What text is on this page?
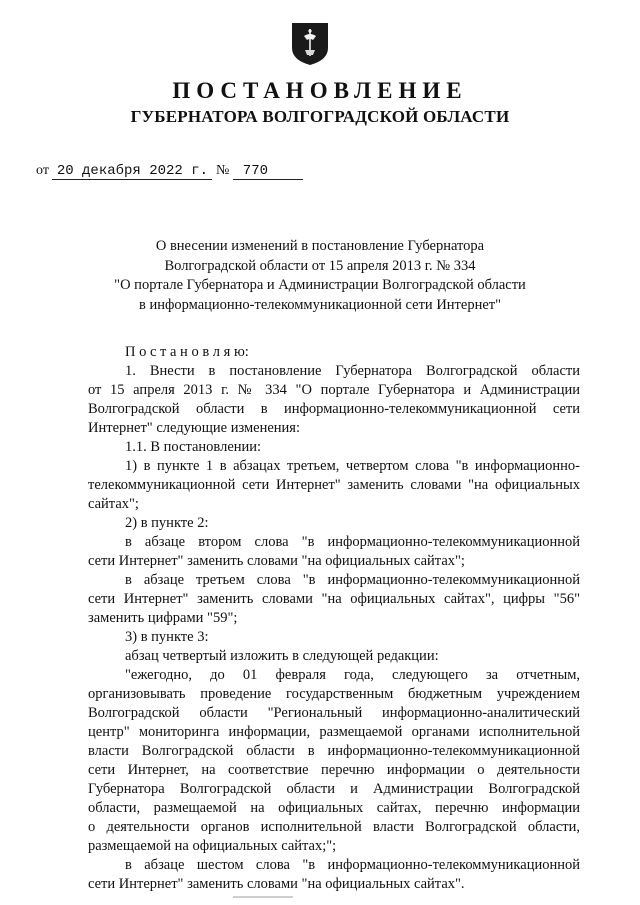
ПОСТАНОВЛЕНИЕ
ГУБЕРНАТОРА ВОЛГОГРАДСКОЙ ОБЛАСТИ
от 20 декабря 2022 г. № 770
О внесении изменений в постановление Губернатора
Волгоградской области от 15 апреля 2013 г. № 334
"О портале Губернатора и Администрации Волгоградской области
в информационно-телекоммуникационной сети Интернет"
П о с т а н о в л я ю:
1. Внести в постановление Губернатора Волгоградской области
от 15 апреля 2013 г. № 334 "О портале Губернатора и Администрации
Волгоградской области в информационно-телекоммуникационной сети
Интернет" следующие изменения:
1.1. В постановлении:
1) в пункте 1 в абзацах третьем, четвертом слова "в информационно-
телекоммуникационной сети Интернет" заменить словами "на официальных
сайтах";
2) в пункте 2:
в абзаце втором слова "в информационно-телекоммуникационной
сети Интернет" заменить словами "на официальных сайтах";
в абзаце третьем слова "в информационно-телекоммуникационной
сети Интернет" заменить словами "на официальных сайтах", цифры "56"
заменить цифрами "59";
3) в пункте 3:
абзац четвертый изложить в следующей редакции:
"ежегодно, до 01 февраля года, следующего за отчетным,
организовывать проведение государственным бюджетным учреждением
Волгоградской области "Региональный информационно-аналитический
центр" мониторинга информации, размещаемой органами исполнительной
власти Волгоградской области в информационно-телекоммуникационной
сети Интернет, на соответствие перечню информации о деятельности
Губернатора Волгоградской области и Администрации Волгоградской
области, размещаемой на официальных сайтах, перечню информации
о деятельности органов исполнительной власти Волгоградской области,
размещаемой на официальных сайтах;";
в абзаце шестом слова "в информационно-телекоммуникационной
сети Интернет" заменить словами "на официальных сайтах".
